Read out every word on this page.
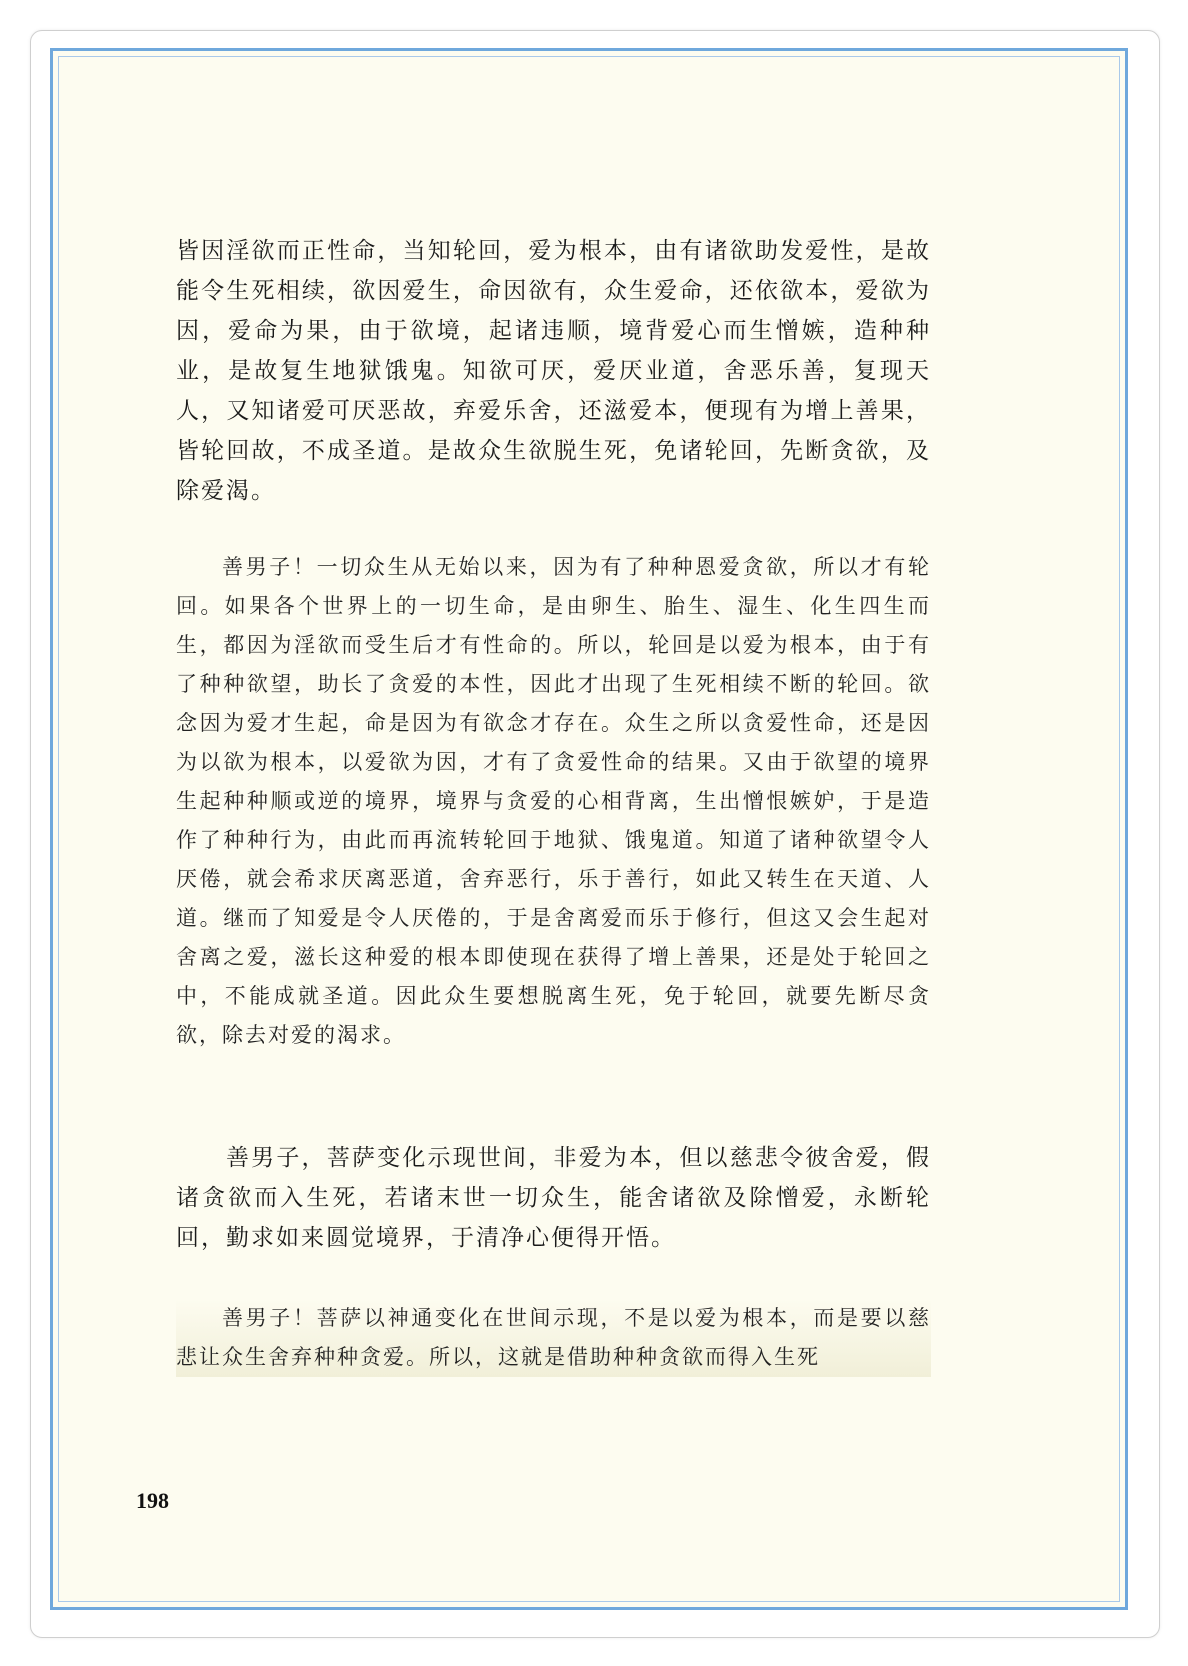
皆因淫欲而正性命，当知轮回，爱为根本，由有诸欲助发爱性，是故能令生死相续，欲因爱生，命因欲有，众生爱命，还依欲本，爱欲为因，爱命为果，由于欲境，起诸违顺，境背爱心而生憎嫉，造种种业，是故复生地狱饿鬼。知欲可厌，爱厌业道，舍恶乐善，复现天人，又知诸爱可厌恶故，弃爱乐舍，还滋爱本，便现有为增上善果，皆轮回故，不成圣道。是故众生欲脱生死，免诸轮回，先断贪欲，及除爱渴。

善男子！一切众生从无始以来，因为有了种种恩爱贪欲，所以才有轮回。如果各个世界上的一切生命，是由卵生、胎生、湿生、化生四生而生，都因为淫欲而受生后才有性命的。所以，轮回是以爱为根本，由于有了种种欲望，助长了贪爱的本性，因此才出现了生死相续不断的轮回。欲念因为爱才生起，命是因为有欲念才存在。众生之所以贪爱性命，还是因为以欲为根本，以爱欲为因，才有了贪爱性命的结果。又由于欲望的境界生起种种顺或逆的境界，境界与贪爱的心相背离，生出憎恨嫉妒，于是造作了种种行为，由此而再流转轮回于地狱、饿鬼道。知道了诸种欲望令人厌倦，就会希求厌离恶道，舍弃恶行，乐于善行，如此又转生在天道、人道。继而了知爱是令人厌倦的，于是舍离爱而乐于修行，但这又会生起对舍离之爱，滋长这种爱的根本即使现在获得了增上善果，还是处于轮回之中，不能成就圣道。因此众生要想脱离生死，免于轮回，就要先断尽贪欲，除去对爱的渴求。

善男子，菩萨变化示现世间，非爱为本，但以慈悲令彼舍爱，假诸贪欲而入生死，若诸末世一切众生，能舍诸欲及除憎爱，永断轮回，勤求如来圆觉境界，于清净心便得开悟。

善男子！菩萨以神通变化在世间示现，不是以爱为根本，而是要以慈悲让众生舍弃种种贪爱。所以，这就是借助种种贪欲而得入生死

198
